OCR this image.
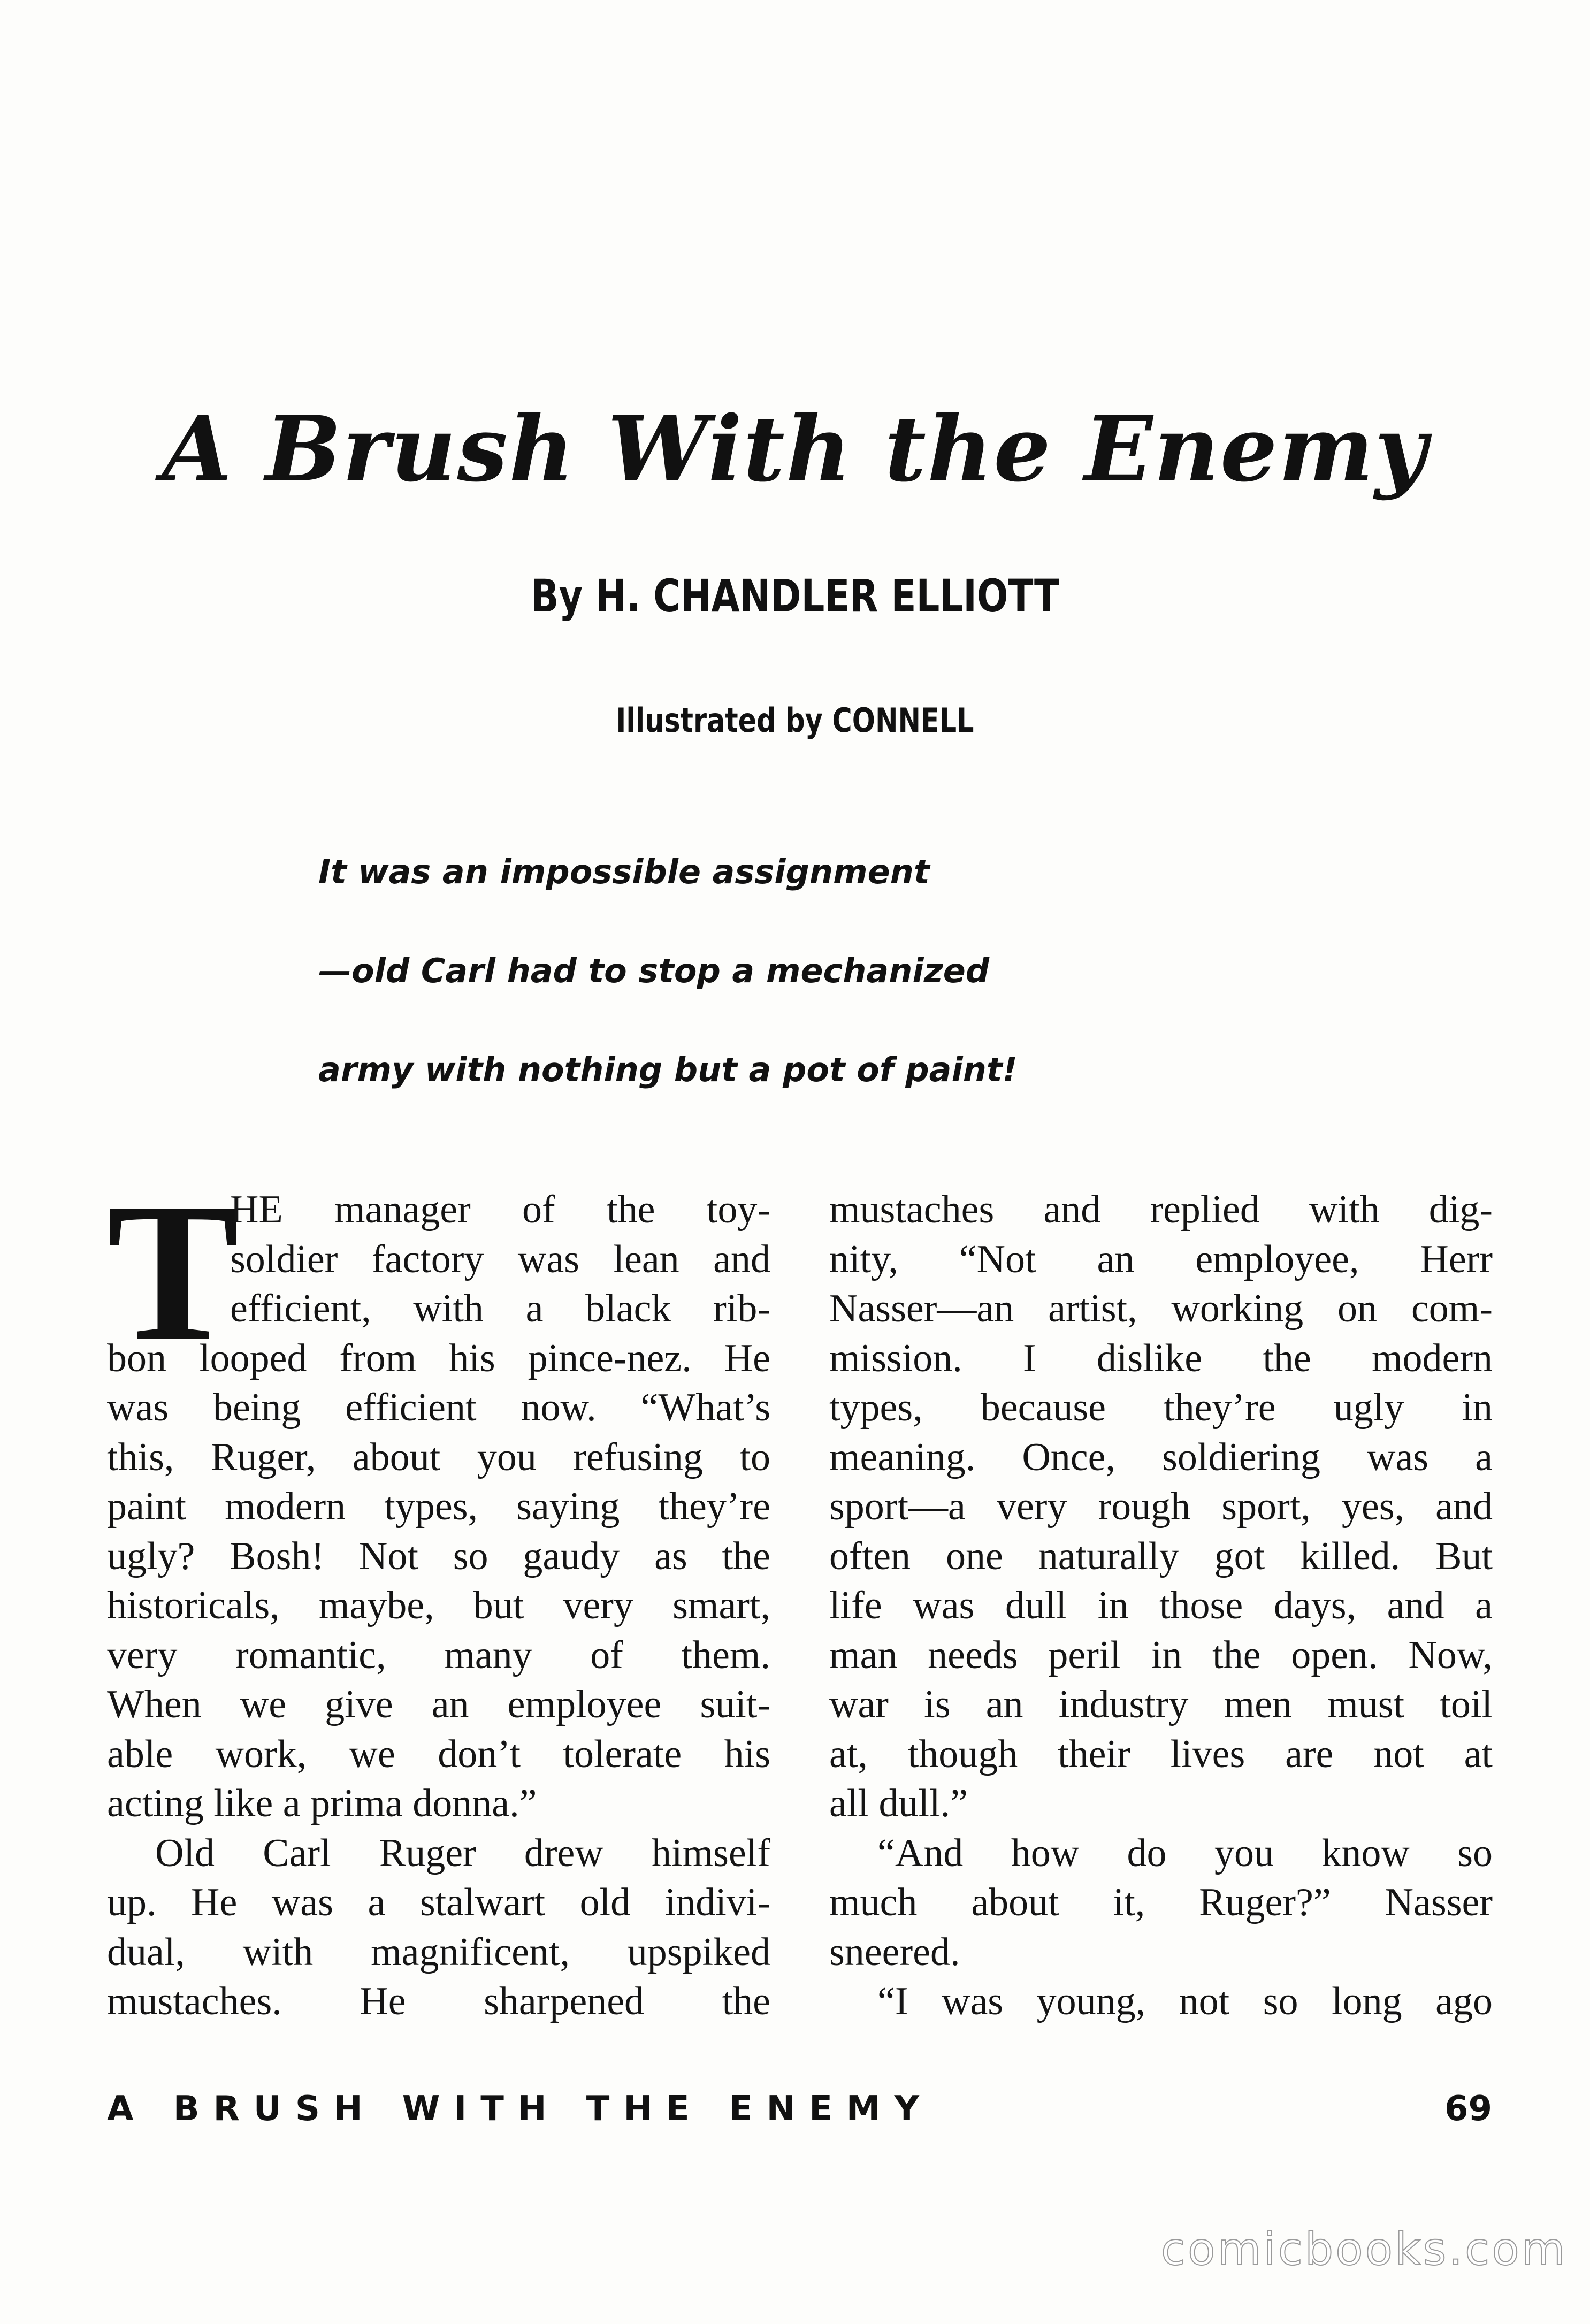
A Brush With the Enemy
By H. CHANDLER ELLIOTT
Illustrated by CONNELL
It was an impossible assignment
—old Carl had to stop a mechanized
army with nothing but a pot of paint!
T
HE manager of the toy-
soldier factory was lean and
efficient, with a black rib-
bon looped from his pince-nez. He
was being efficient now. “What’s
this, Ruger, about you refusing to
paint modern types, saying they’re
ugly? Bosh! Not so gaudy as the
historicals, maybe, but very smart,
very romantic, many of them.
When we give an employee suit-
able work, we don’t tolerate his
acting like a prima donna.”
Old Carl Ruger drew himself
up. He was a stalwart old indivi-
dual, with magnificent, upspiked
mustaches. He sharpened the
mustaches and replied with dig-
nity, “Not an employee, Herr
Nasser—an artist, working on com-
mission. I dislike the modern
types, because they’re ugly in
meaning. Once, soldiering was a
sport—a very rough sport, yes, and
often one naturally got killed. But
life was dull in those days, and a
man needs peril in the open. Now,
war is an industry men must toil
at, though their lives are not at
all dull.”
“And how do you know so
much about it, Ruger?” Nasser
sneered.
“I was young, not so long ago
A BRUSH WITH THE ENEMY	69
comicbooks.com
